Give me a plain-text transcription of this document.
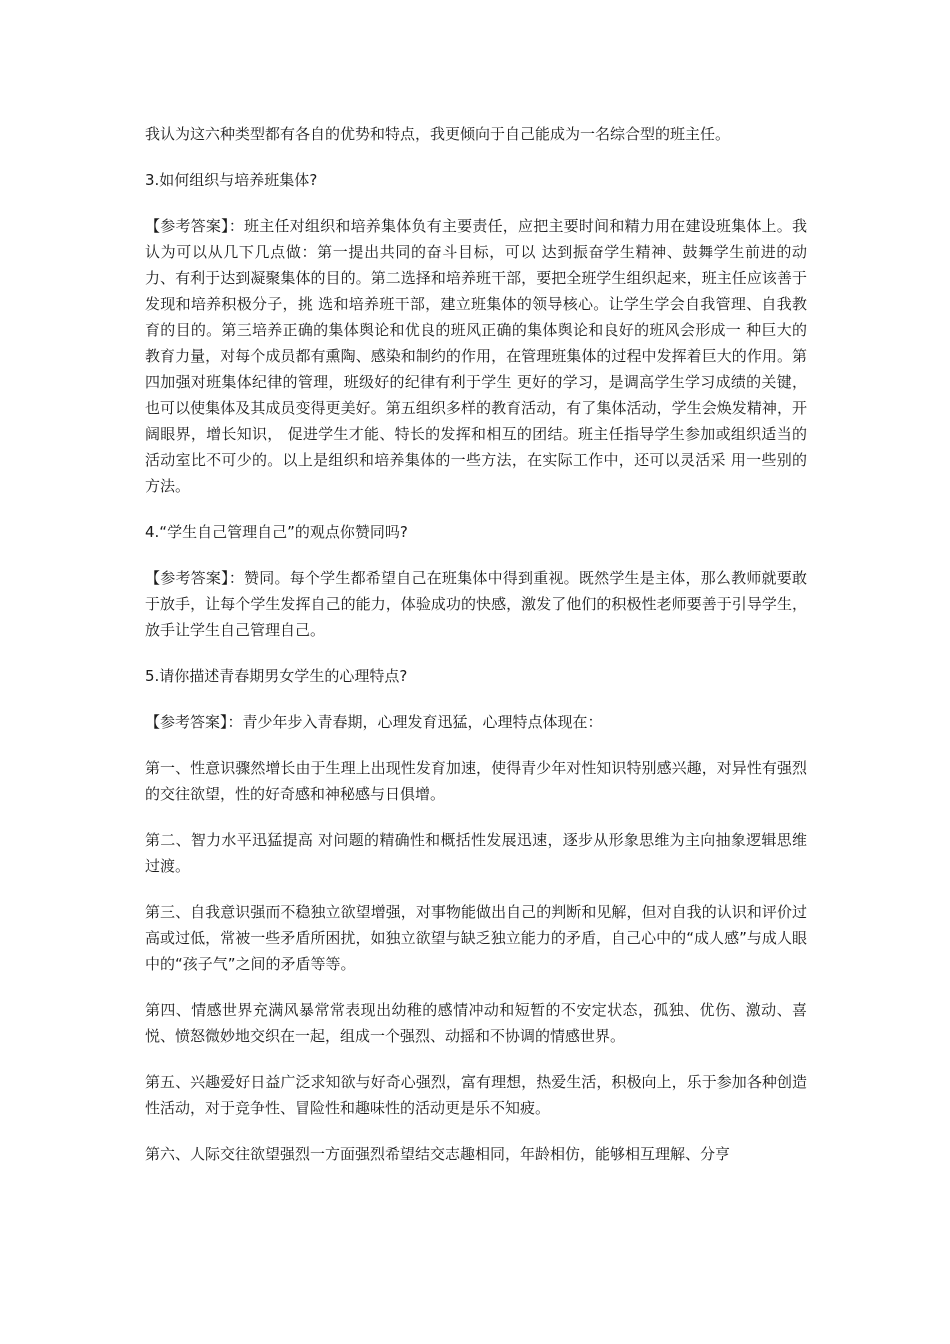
我认为这六种类型都有各自的优势和特点，我更倾向于自己能成为一名综合型的班主任。

3.如何组织与培养班集体?

【参考答案】：班主任对组织和培养集体负有主要责任，应把主要时间和精力用在建设班集体上。我认为可以从几下几点做：第一提出共同的奋斗目标，可以 达到振奋学生精神、鼓舞学生前进的动力、有利于达到凝聚集体的目的。第二选择和培养班干部，要把全班学生组织起来，班主任应该善于发现和培养积极分子，挑 选和培养班干部，建立班集体的领导核心。让学生学会自我管理、自我教育的目的。第三培养正确的集体舆论和优良的班风正确的集体舆论和良好的班风会形成一 种巨大的教育力量，对每个成员都有熏陶、感染和制约的作用，在管理班集体的过程中发挥着巨大的作用。第四加强对班集体纪律的管理，班级好的纪律有利于学生 更好的学习，是调高学生学习成绩的关键，也可以使集体及其成员变得更美好。第五组织多样的教育活动，有了集体活动，学生会焕发精神，开阔眼界，增长知识， 促进学生才能、特长的发挥和相互的团结。班主任指导学生参加或组织适当的活动室比不可少的。以上是组织和培养集体的一些方法，在实际工作中，还可以灵活采 用一些别的方法。

4.“学生自己管理自己”的观点你赞同吗?

【参考答案】：赞同。每个学生都希望自己在班集体中得到重视。既然学生是主体，那么教师就要敢于放手，让每个学生发挥自己的能力，体验成功的快感，激发了他们的积极性老师要善于引导学生，放手让学生自己管理自己。

5.请你描述青春期男女学生的心理特点?

【参考答案】：青少年步入青春期，心理发育迅猛，心理特点体现在：

第一、性意识骤然增长由于生理上出现性发育加速，使得青少年对性知识特别感兴趣，对异性有强烈的交往欲望，性的好奇感和神秘感与日俱增。

第二、智力水平迅猛提高 对问题的精确性和概括性发展迅速，逐步从形象思维为主向抽象逻辑思维过渡。

第三、自我意识强而不稳独立欲望增强，对事物能做出自己的判断和见解，但对自我的认识和评价过高或过低，常被一些矛盾所困扰，如独立欲望与缺乏独立能力的矛盾，自己心中的“成人感”与成人眼中的“孩子气”之间的矛盾等等。

第四、情感世界充满风暴常常表现出幼稚的感情冲动和短暂的不安定状态，孤独、优伤、激动、喜悦、愤怒微妙地交织在一起，组成一个强烈、动摇和不协调的情感世界。

第五、兴趣爱好日益广泛求知欲与好奇心强烈，富有理想，热爱生活，积极向上，乐于参加各种创造性活动，对于竞争性、冒险性和趣味性的活动更是乐不知疲。

第六、人际交往欲望强烈一方面强烈希望结交志趣相同，年龄相仿，能够相互理解、分亨
